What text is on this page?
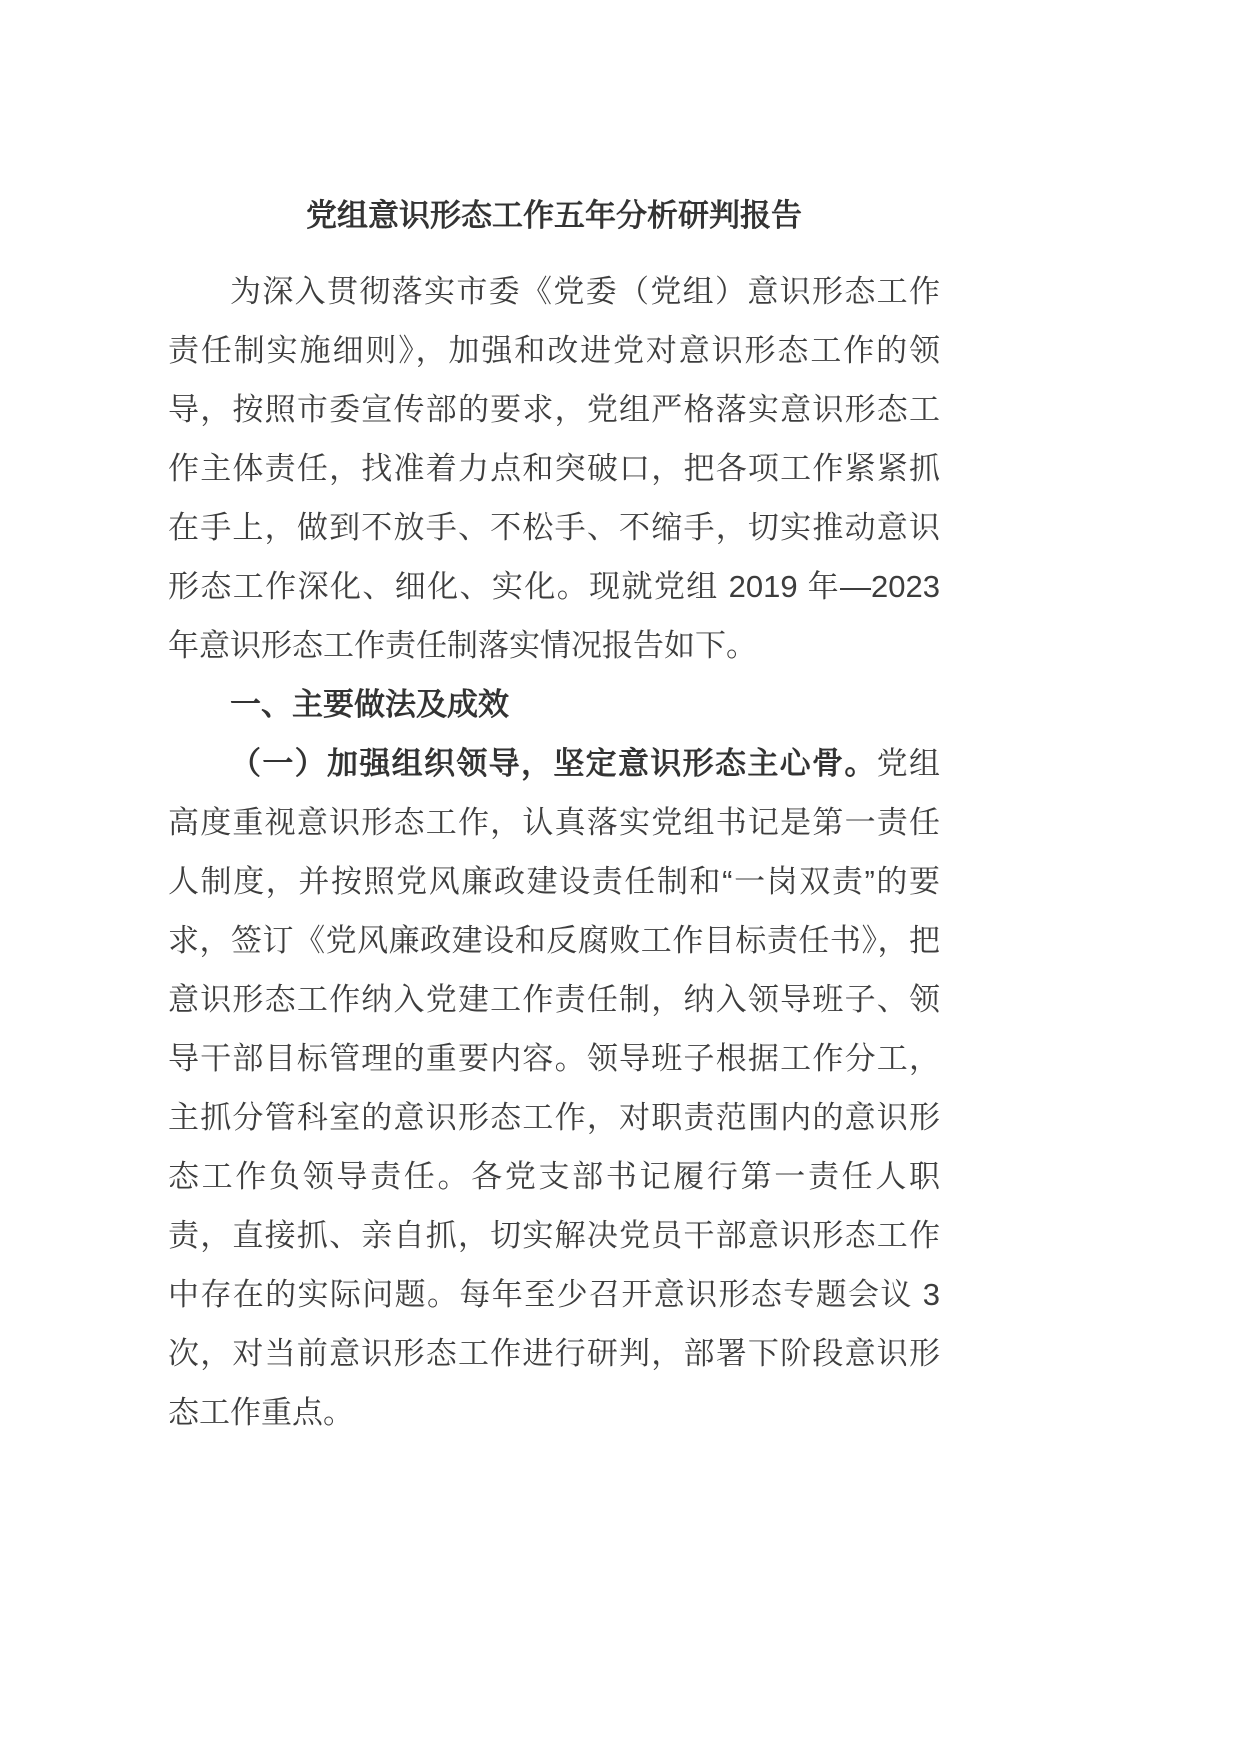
党组意识形态工作五年分析研判报告

为深入贯彻落实市委《党委（党组）意识形态工作责任制实施细则》，加强和改进党对意识形态工作的领导，按照市委宣传部的要求，党组严格落实意识形态工作主体责任，找准着力点和突破口，把各项工作紧紧抓在手上，做到不放手、不松手、不缩手，切实推动意识形态工作深化、细化、实化。现就党组 2019 年—2023 年意识形态工作责任制落实情况报告如下。

一、主要做法及成效

（一）加强组织领导，坚定意识形态主心骨。党组高度重视意识形态工作，认真落实党组书记是第一责任人制度，并按照党风廉政建设责任制和“一岗双责”的要求，签订《党风廉政建设和反腐败工作目标责任书》，把意识形态工作纳入党建工作责任制，纳入领导班子、领导干部目标管理的重要内容。领导班子根据工作分工，主抓分管科室的意识形态工作，对职责范围内的意识形态工作负领导责任。各党支部书记履行第一责任人职责，直接抓、亲自抓，切实解决党员干部意识形态工作中存在的实际问题。每年至少召开意识形态专题会议 3 次，对当前意识形态工作进行研判，部署下阶段意识形态工作重点。
